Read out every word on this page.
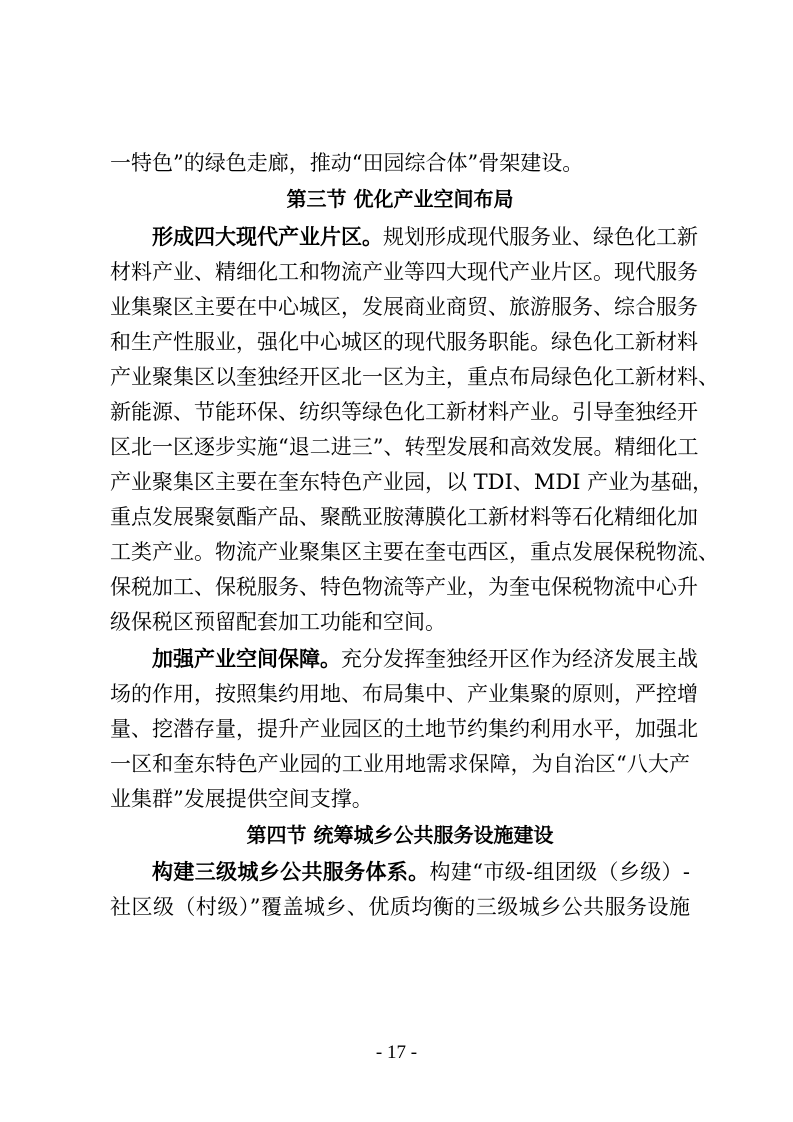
一特色”的绿色走廊，推动“田园综合体”骨架建设。
第三节 优化产业空间布局
形成四大现代产业片区。规划形成现代服务业、绿色化工新
材料产业、精细化工和物流产业等四大现代产业片区。现代服务
业集聚区主要在中心城区，发展商业商贸、旅游服务、综合服务
和生产性服业，强化中心城区的现代服务职能。绿色化工新材料
产业聚集区以奎独经开区北一区为主，重点布局绿色化工新材料、
新能源、节能环保、纺织等绿色化工新材料产业。引导奎独经开
区北一区逐步实施“退二进三”、转型发展和高效发展。精细化工
产业聚集区主要在奎东特色产业园，以 TDI、MDI 产业为基础，
重点发展聚氨酯产品、聚酰亚胺薄膜化工新材料等石化精细化加
工类产业。物流产业聚集区主要在奎屯西区，重点发展保税物流、
保税加工、保税服务、特色物流等产业，为奎屯保税物流中心升
级保税区预留配套加工功能和空间。
加强产业空间保障。充分发挥奎独经开区作为经济发展主战
场的作用，按照集约用地、布局集中、产业集聚的原则，严控增
量、挖潜存量，提升产业园区的土地节约集约利用水平，加强北
一区和奎东特色产业园的工业用地需求保障，为自治区“八大产
业集群”发展提供空间支撑。
第四节 统筹城乡公共服务设施建设
构建三级城乡公共服务体系。构建“市级-组团级（乡级）-
社区级（村级）”覆盖城乡、优质均衡的三级城乡公共服务设施
- 17 -
